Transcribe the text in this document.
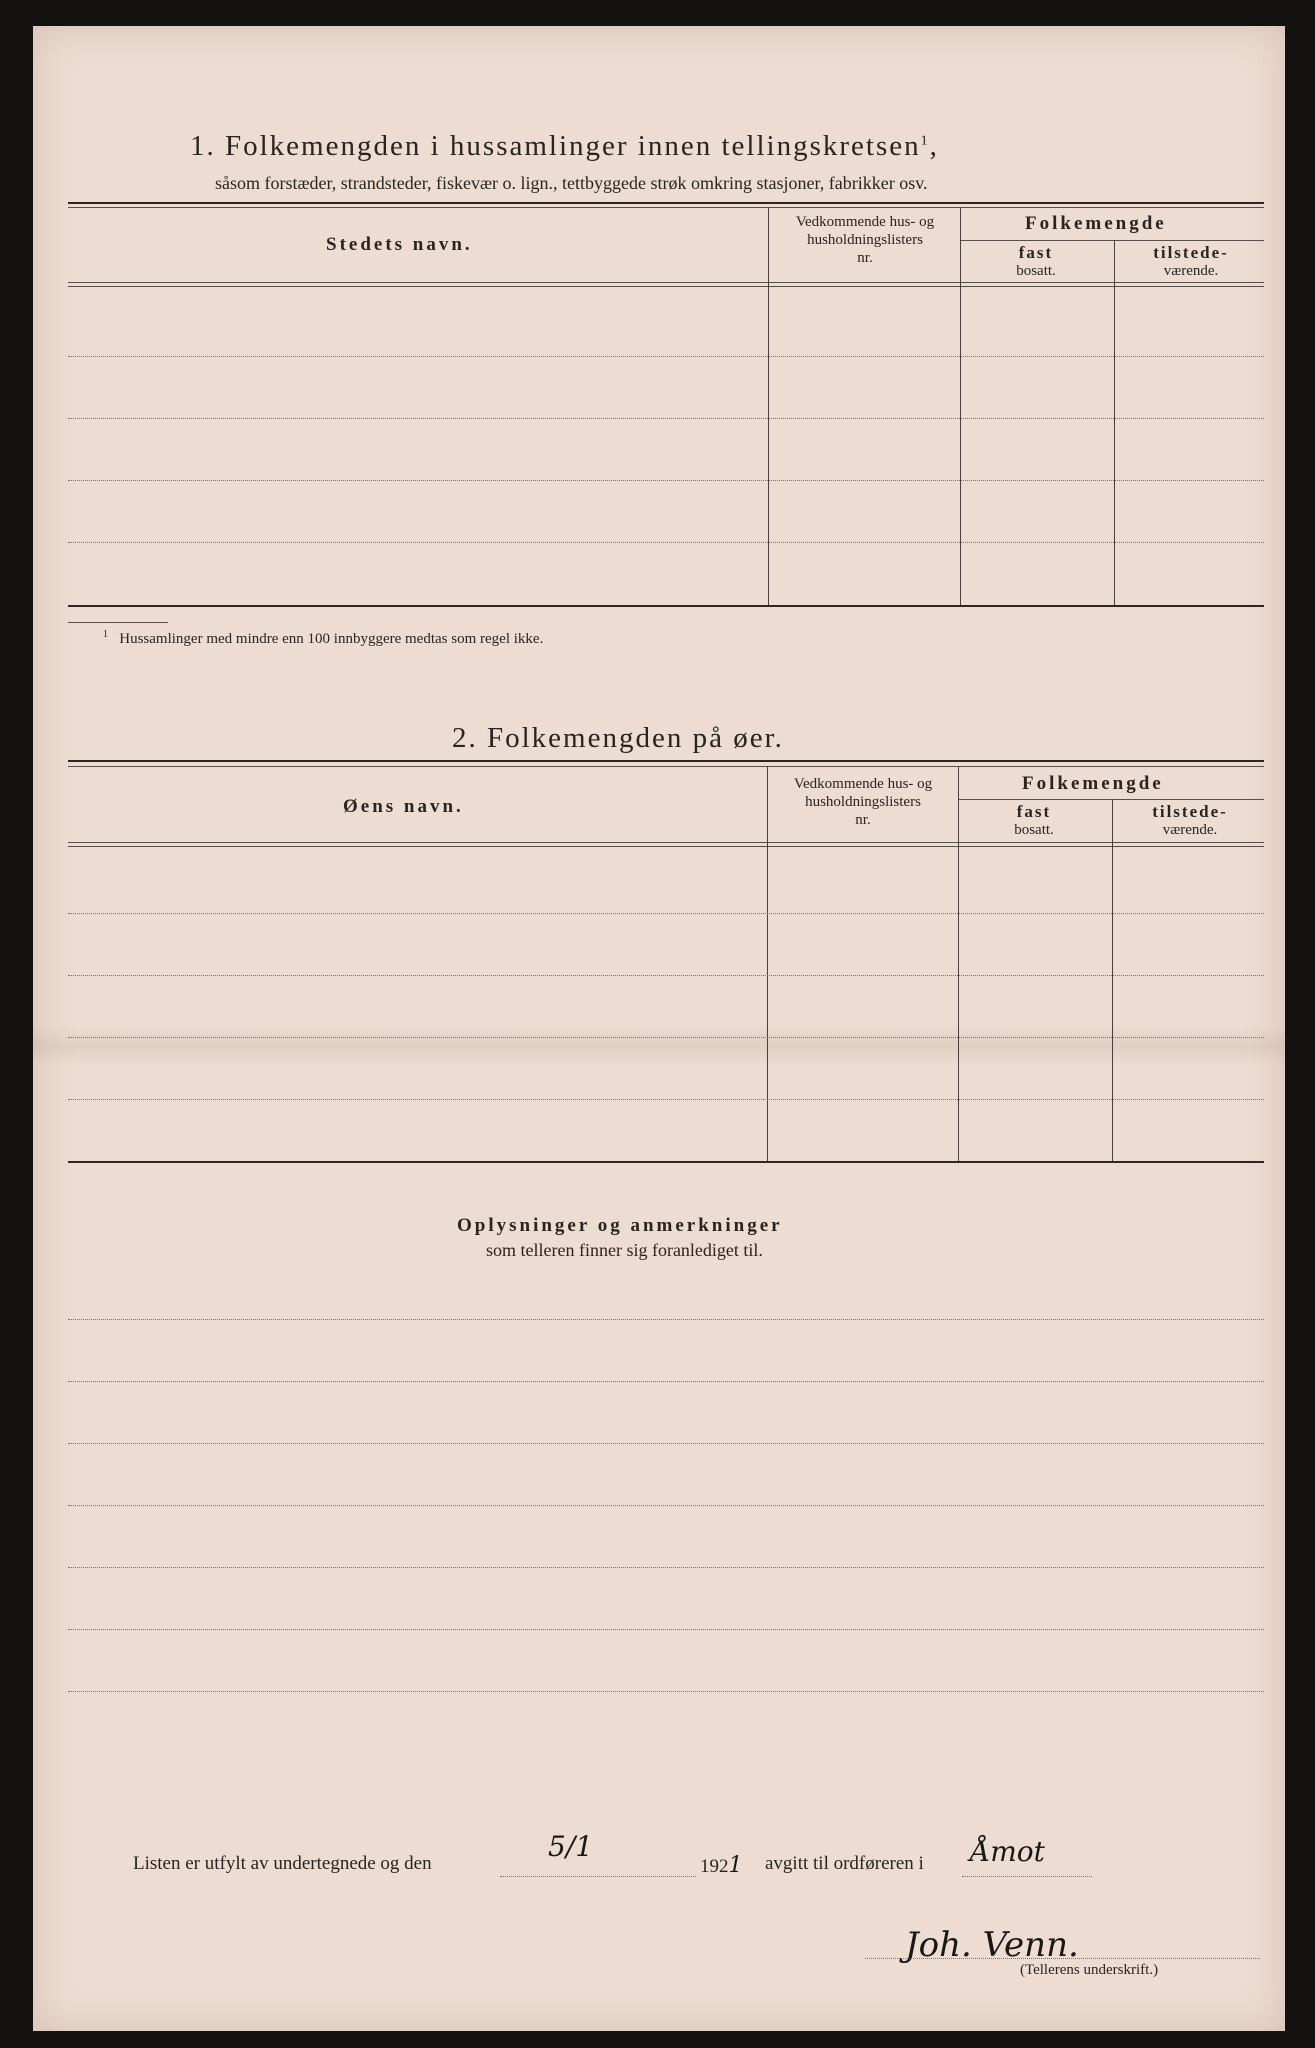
1. Folkemengden i hussamlinger innen tellingskretsen$^1$,
såsom forstæder, strandsteder, fiskevær o. lign., tettbyggede strøk omkring stasjoner, fabrikker osv.
Stedets navn.
Vedkommende hus- og
husholdningslisters
nr.
Folkemengde
fast
bosatt.
tilstede-
værende.
$^1$ Hussamlinger med mindre enn 100 innbyggere medtas som regel ikke.
2. Folkemengden på øer.
Øens navn.
Vedkommende hus- og
husholdningslisters
nr.
Folkemengde
fast
bosatt.
tilstede-
værende.
Oplysninger og anmerkninger
som telleren finner sig foranlediget til.
Listen er utfylt av undertegnede og den
5/1
1921 avgitt til ordføreren i Åmot
Joh. Venn.
(Tellerens underskrift.)
